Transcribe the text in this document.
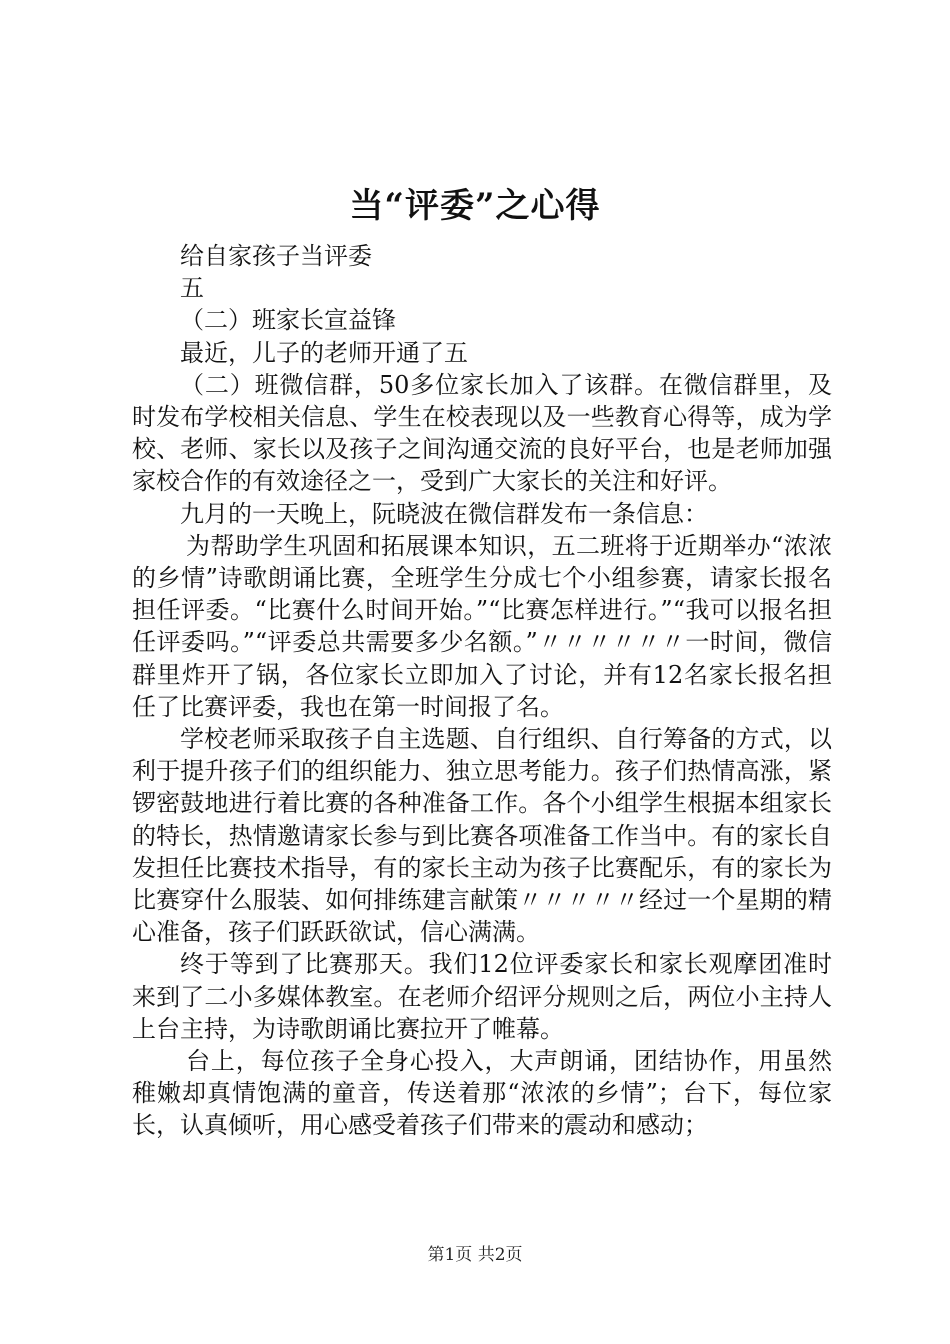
当“评委”之心得

给自家孩子当评委

五

（二）班家长宣益锋

最近，儿子的老师开通了五

（二）班微信群，50多位家长加入了该群。在微信群里，及时发布学校相关信息、学生在校表现以及一些教育心得等，成为学校、老师、家长以及孩子之间沟通交流的良好平台，也是老师加强家校合作的有效途径之一，受到广大家长的关注和好评。

九月的一天晚上，阮晓波在微信群发布一条信息：

为帮助学生巩固和拓展课本知识，五二班将于近期举办“浓浓的乡情”诗歌朗诵比赛，全班学生分成七个小组参赛，请家长报名担任评委。“比赛什么时间开始。”“比赛怎样进行。”“我可以报名担任评委吗。”“评委总共需要多少名额。”〃〃〃〃〃〃一时间，微信群里炸开了锅，各位家长立即加入了讨论，并有12名家长报名担任了比赛评委，我也在第一时间报了名。

学校老师采取孩子自主选题、自行组织、自行筹备的方式，以利于提升孩子们的组织能力、独立思考能力。孩子们热情高涨，紧锣密鼓地进行着比赛的各种准备工作。各个小组学生根据本组家长的特长，热情邀请家长参与到比赛各项准备工作当中。有的家长自发担任比赛技术指导，有的家长主动为孩子比赛配乐，有的家长为比赛穿什么服装、如何排练建言献策〃〃〃〃〃经过一个星期的精心准备，孩子们跃跃欲试，信心满满。

终于等到了比赛那天。我们12位评委家长和家长观摩团准时来到了二小多媒体教室。在老师介绍评分规则之后，两位小主持人上台主持，为诗歌朗诵比赛拉开了帷幕。

台上，每位孩子全身心投入，大声朗诵，团结协作，用虽然稚嫩却真情饱满的童音，传送着那“浓浓的乡情”；台下，每位家长，认真倾听，用心感受着孩子们带来的震动和感动；

第1页 共2页
